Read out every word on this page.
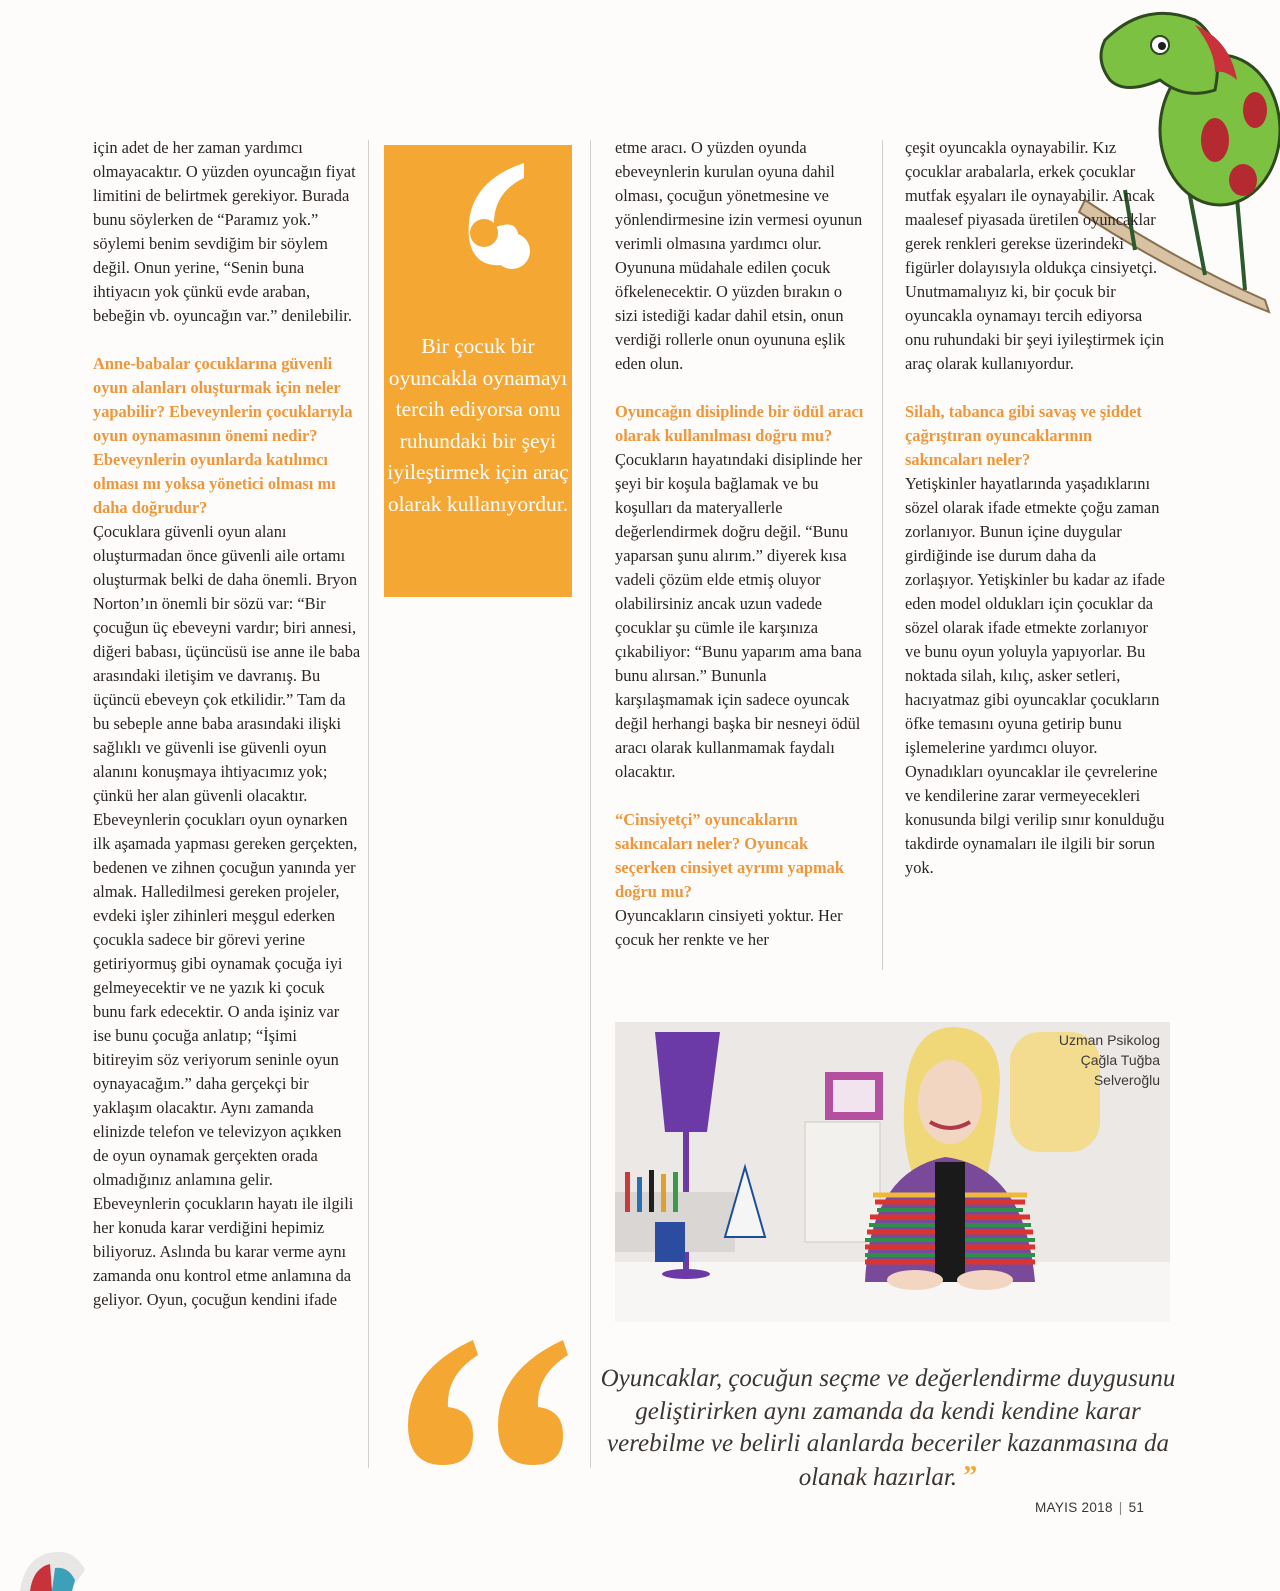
için adet de her zaman yardımcı olmayacaktır. O yüzden oyuncağın fiyat limitini de belirtmek gerekiyor. Burada bunu söylerken de “Paramız yok.” söylemi benim sevdiğim bir söylem değil. Onun yerine, “Senin buna ihtiyacın yok çünkü evde araban, bebeğin vb. oyuncağın var.” denilebilir.

Anne-babalar çocuklarına güvenli oyun alanları oluşturmak için neler yapabilir? Ebeveynlerin çocuklarıyla oyun oynamasının önemi nedir? Ebeveynlerin oyunlarda katılımcı olması mı yoksa yönetici olması mı daha doğrudur?

Çocuklara güvenli oyun alanı oluşturmadan önce güvenli aile ortamı oluşturmak belki de daha önemli. Bryon Norton’ın önemli bir sözü var: “Bir çocuğun üç ebeveyni vardır; biri annesi, diğeri babası, üçüncüsü ise anne ile baba arasındaki iletişim ve davranış. Bu üçüncü ebeveyn çok etkilidir.” Tam da bu sebeple anne baba arasındaki ilişki sağlıklı ve güvenli ise güvenli oyun alanını konuşmaya ihtiyacımız yok; çünkü her alan güvenli olacaktır.

Ebeveynlerin çocukları oyun oynarken ilk aşamada yapması gereken gerçekten, bedenen ve zihnen çocuğun yanında yer almak. Halledilmesi gereken projeler, evdeki işler zihinleri meşgul ederken çocukla sadece bir görevi yerine getiriyormuş gibi oynamak çocuğa iyi gelmeyecektir ve ne yazık ki çocuk bunu fark edecektir. O anda işiniz var ise bunu çocuğa anlatıp; “İşimi bitireyim söz veriyorum seninle oyun oynayacağım.” daha gerçekçi bir yaklaşım olacaktır. Aynı zamanda elinizde telefon ve televizyon açıkken de oyun oynamak gerçekten orada olmadığınız anlamına gelir. Ebeveynlerin çocukların hayatı ile ilgili her konuda karar verdiğini hepimiz biliyoruz. Aslında bu karar verme aynı zamanda onu kontrol etme anlamına da geliyor. Oyun, çocuğun kendini ifade

Bir çocuk bir oyuncakla oynamayı tercih ediyorsa onu ruhundaki bir şeyi iyileştirmek için araç olarak kullanıyordur.

etme aracı. O yüzden oyunda ebeveynlerin kurulan oyuna dahil olması, çocuğun yönetmesine ve yönlendirmesine izin vermesi oyunun verimli olmasına yardımcı olur. Oyununa müdahale edilen çocuk öfkelenecektir. O yüzden bırakın o sizi istediği kadar dahil etsin, onun verdiği rollerle onun oyununa eşlik eden olun.

Oyuncağın disiplinde bir ödül aracı olarak kullanılması doğru mu?

Çocukların hayatındaki disiplinde her şeyi bir koşula bağlamak ve bu koşulları da materyallerle değerlendirmek doğru değil. “Bunu yaparsan şunu alırım.” diyerek kısa vadeli çözüm elde etmiş oluyor olabilirsiniz ancak uzun vadede çocuklar şu cümle ile karşınıza çıkabiliyor: “Bunu yaparım ama bana bunu alırsan.” Bununla karşılaşmamak için sadece oyuncak değil herhangi başka bir nesneyi ödül aracı olarak kullanmamak faydalı olacaktır.

“Cinsiyetçi” oyuncakların sakıncaları neler? Oyuncak seçerken cinsiyet ayrımı yapmak doğru mu?

Oyuncakların cinsiyeti yoktur. Her çocuk her renkte ve her

çeşit oyuncakla oynayabilir. Kız çocuklar arabalarla, erkek çocuklar mutfak eşyaları ile oynayabilir. Ancak maalesef piyasada üretilen oyuncaklar gerek renkleri gerekse üzerindeki figürler dolayısıyla oldukça cinsiyetçi. Unutmamalıyız ki, bir çocuk bir oyuncakla oynamayı tercih ediyorsa onu ruhundaki bir şeyi iyileştirmek için araç olarak kullanıyordur.

Silah, tabanca gibi savaş ve şiddet çağrıştıran oyuncaklarının sakıncaları neler?

Yetişkinler hayatlarında yaşadıklarını sözel olarak ifade etmekte çoğu zaman zorlanıyor. Bunun içine duygular girdiğinde ise durum daha da zorlaşıyor. Yetişkinler bu kadar az ifade eden model oldukları için çocuklar da sözel olarak ifade etmekte zorlanıyor ve bunu oyun yoluyla yapıyorlar. Bu noktada silah, kılıç, asker setleri, hacıyatmaz gibi oyuncaklar çocukların öfke temasını oyuna getirip bunu işlemelerine yardımcı oluyor. Oynadıkları oyuncaklar ile çevrelerine ve kendilerine zarar vermeyecekleri konusunda bilgi verilip sınır konulduğu takdirde oynamaları ile ilgili bir sorun yok.

Uzman Psikolog
Çağla Tuğba
Selveroğlu
Oyuncaklar, çocuğun seçme ve değerlendirme duygusunu geliştirirken aynı zamanda da kendi kendine karar verebilme ve belirli alanlarda beceriler kazanmasına da olanak hazırlar. ”
MAYIS 2018 | 51
